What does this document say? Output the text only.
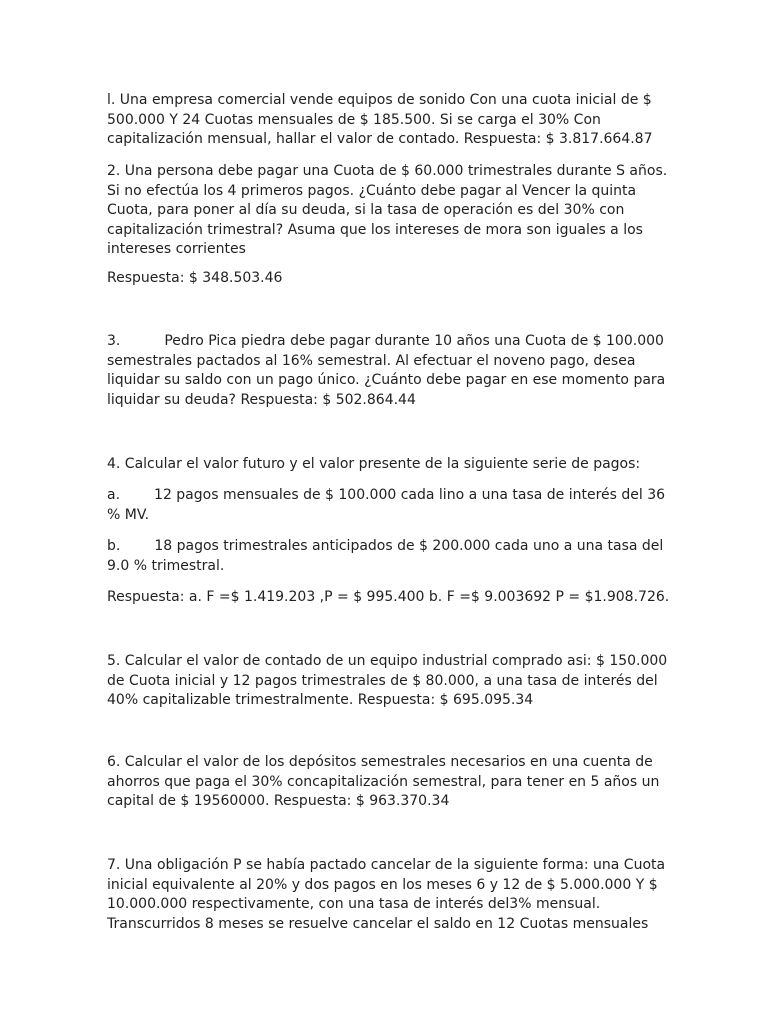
l. Una empresa comercial vende equipos de sonido Con una cuota inicial de $
500.000 Y 24 Cuotas mensuales de $ 185.500. Si se carga el 30% Con
capitalización mensual, hallar el valor de contado. Respuesta: $ 3.817.664.87

2. Una persona debe pagar una Cuota de $ 60.000 trimestrales durante S años.
Si no efectúa los 4 primeros pagos. ¿Cuánto debe pagar al Vencer la quinta
Cuota, para poner al día su deuda, si la tasa de operación es del 30% con
capitalización trimestral? Asuma que los intereses de mora son iguales a los
intereses corrientes

Respuesta: $ 348.503.46

3.	Pedro Pica piedra debe pagar durante 10 años una Cuota de $ 100.000
semestrales pactados al 16% semestral. Al efectuar el noveno pago, desea
liquidar su saldo con un pago único. ¿Cuánto debe pagar en ese momento para
liquidar su deuda? Respuesta: $ 502.864.44

4. Calcular el valor futuro y el valor presente de la siguiente serie de pagos:

a. 12 pagos mensuales de $ 100.000 cada lino a una tasa de interés del 36
% MV.

b. 18 pagos trimestrales anticipados de $ 200.000 cada uno a una tasa del
9.0 % trimestral.

Respuesta: a. F =$ 1.419.203 ,P = $ 995.400 b. F =$ 9.003692 P = $1.908.726.

5. Calcular el valor de contado de un equipo industrial comprado asi: $ 150.000
de Cuota inicial y 12 pagos trimestrales de $ 80.000, a una tasa de interés del
40% capitalizable trimestralmente. Respuesta: $ 695.095.34

6. Calcular el valor de los depósitos semestrales necesarios en una cuenta de
ahorros que paga el 30% concapitalización semestral, para tener en 5 años un
capital de $ 19560000. Respuesta: $ 963.370.34

7. Una obligación P se había pactado cancelar de la siguiente forma: una Cuota
inicial equivalente al 20% y dos pagos en los meses 6 y 12 de $ 5.000.000 Y $
10.000.000 respectivamente, con una tasa de interés del3% mensual.
Transcurridos 8 meses se resuelve cancelar el saldo en 12 Cuotas mensuales
